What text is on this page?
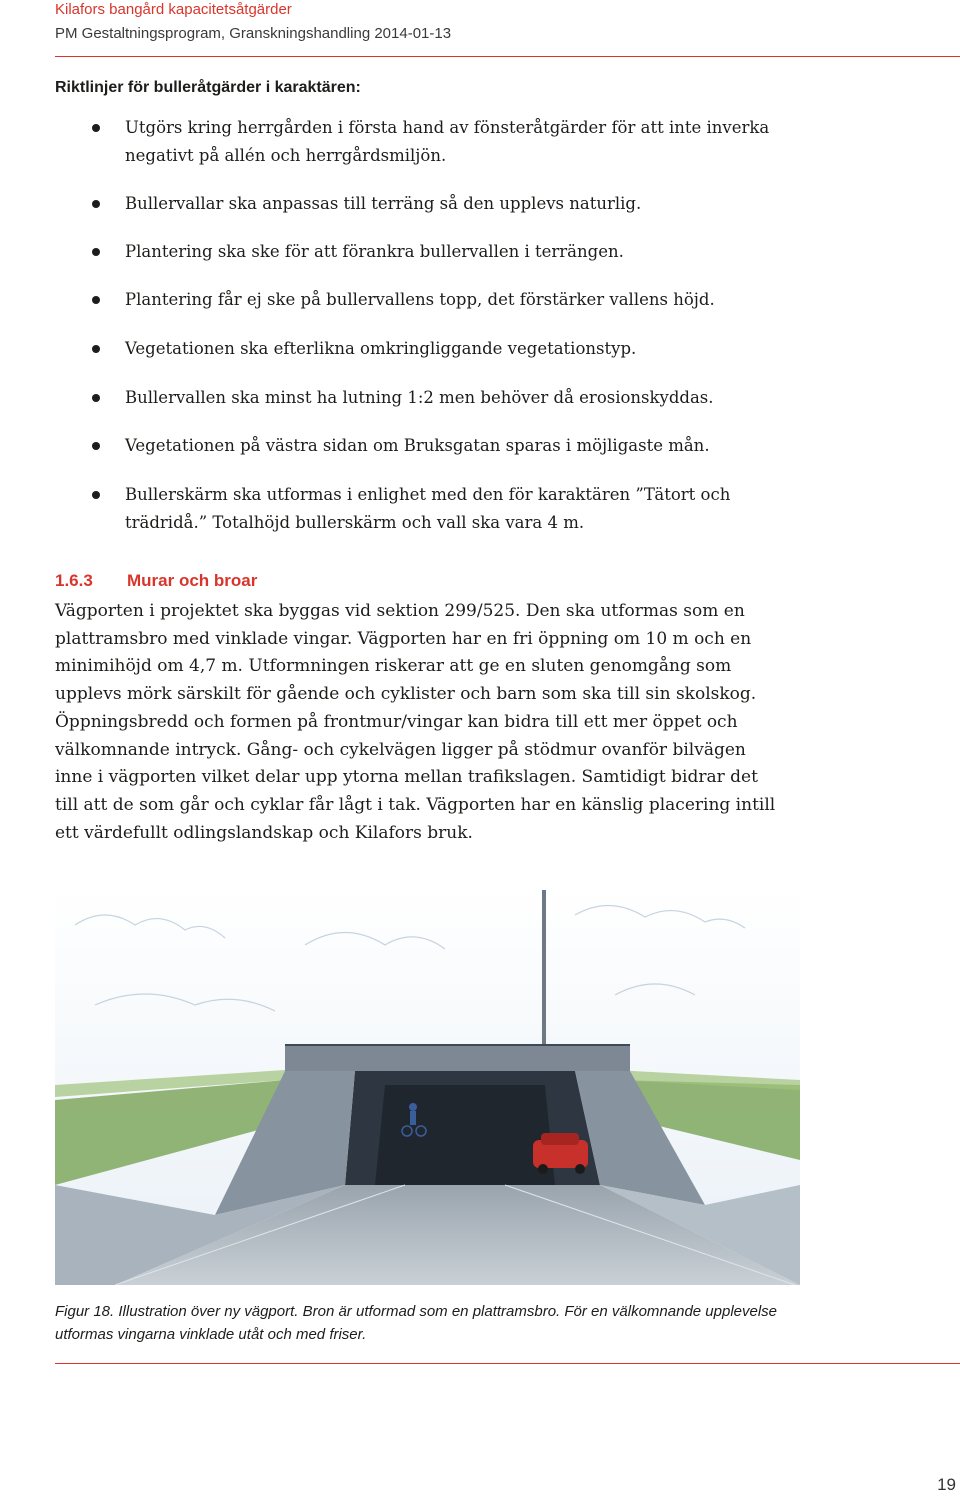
Kilafors bangård kapacitetsåtgärder
PM Gestaltningsprogram, Granskningshandling 2014-01-13
Riktlinjer för bulleråtgärder i karaktären:
Utgörs kring herrgården i första hand av fönsteråtgärder för att inte inverka negativt på allén och herrgårdsmiljön.
Bullervallar ska anpassas till terräng så den upplevs naturlig.
Plantering ska ske för att förankra bullervallen i terrängen.
Plantering får ej ske på bullervallens topp, det förstärker vallens höjd.
Vegetationen ska efterlikna omkringliggande vegetationstyp.
Bullervallen ska minst ha lutning 1:2 men behöver då erosionskyddas.
Vegetationen på västra sidan om Bruksgatan sparas i möjligaste mån.
Bullerskärm ska utformas i enlighet med den för karaktären ”Tätort och trädridå.” Totalhöjd bullerskärm och vall ska vara 4 m.
1.6.3 Murar och broar

Vägporten i projektet ska byggas vid sektion 299/525. Den ska utformas som en plattramsbro med vinklade vingar. Vägporten har en fri öppning om 10 m och en minimihöjd om 4,7 m. Utformningen riskerar att ge en sluten genomgång som upplevs mörk särskilt för gående och cyklister och barn som ska till sin skolskog. Öppningsbredd och formen på frontmur/vingar kan bidra till ett mer öppet och välkomnande intryck. Gång- och cykelvägen ligger på stödmur ovanför bilvägen inne i vägporten vilket delar upp ytorna mellan trafikslagen. Samtidigt bidrar det till att de som går och cyklar får lågt i tak. Vägporten har en känslig placering intill ett värdefullt odlingslandskap och Kilafors bruk.

Figur 18. Illustration över ny vägport. Bron är utformad som en plattramsbro. För en välkomnande upplevelse utformas vingarna vinklade utåt och med friser.
19
